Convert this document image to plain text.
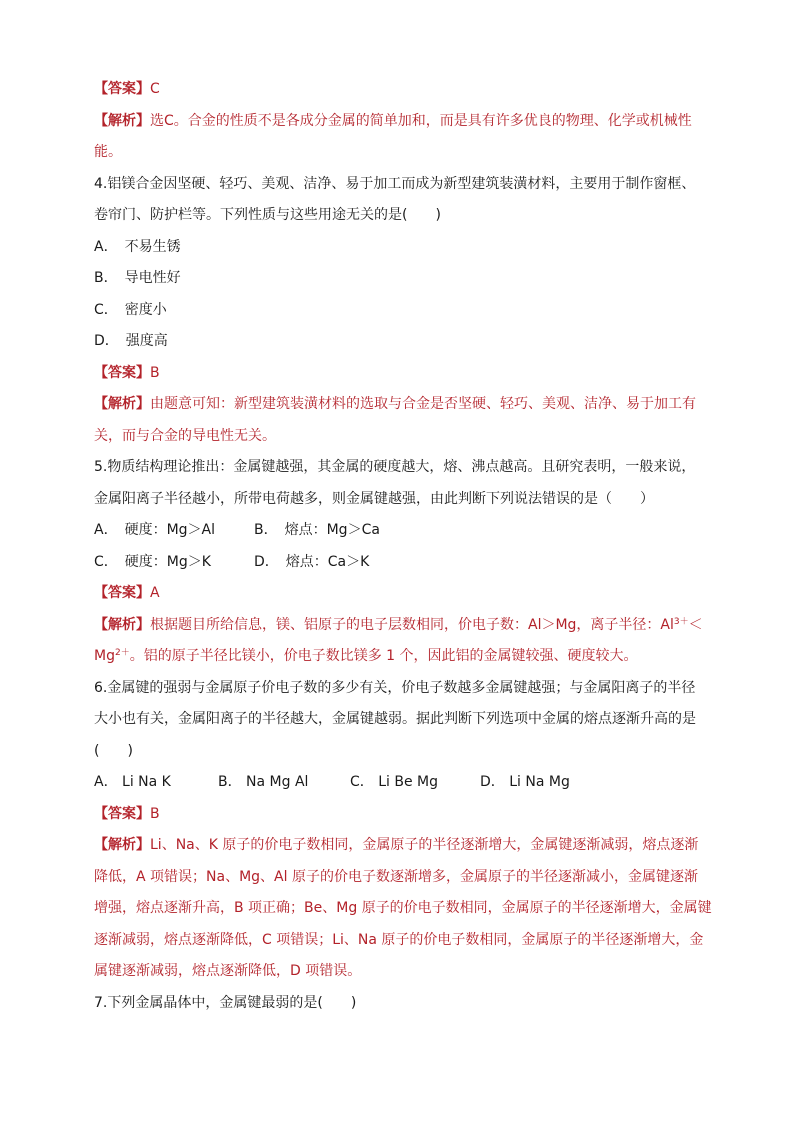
【答案】C
【解析】选C。合金的性质不是各成分金属的简单加和，而是具有许多优良的物理、化学或机械性
能。
4.铝镁合金因坚硬、轻巧、美观、洁净、易于加工而成为新型建筑装潢材料，主要用于制作窗框、
卷帘门、防护栏等。下列性质与这些用途无关的是(　　)
A．　不易生锈
B．　导电性好
C．　密度小
D．　强度高
【答案】B
【解析】由题意可知：新型建筑装潢材料的选取与合金是否坚硬、轻巧、美观、洁净、易于加工有
关，而与合金的导电性无关。
5.物质结构理论推出：金属键越强，其金属的硬度越大，熔、沸点越高。且研究表明，一般来说，
金属阳离子半径越小，所带电荷越多，则金属键越强，由此判断下列说法错误的是（　　）
A．　硬度：Mg＞Al	B．　熔点：Mg＞Ca
C．　硬度：Mg＞K	D．　熔点：Ca＞K
【答案】A
【解析】根据题目所给信息，镁、铝原子的电子层数相同，价电子数：Al＞Mg，离子半径：$Al^{3+}<$
$Mg^{2+}$。铝的原子半径比镁小，价电子数比镁多 1 个，因此铝的金属键较强、硬度较大。
6.金属键的强弱与金属原子价电子数的多少有关，价电子数越多金属键越强；与金属阳离子的半径
大小也有关，金属阳离子的半径越大，金属键越弱。据此判断下列选项中金属的熔点逐渐升高的是
(　　)
A． Li Na K	B． Na Mg Al	C． Li Be Mg	D． Li Na Mg
【答案】B
【解析】Li、Na、K 原子的价电子数相同，金属原子的半径逐渐增大，金属键逐渐减弱，熔点逐渐
降低，A 项错误；Na、Mg、Al 原子的价电子数逐渐增多，金属原子的半径逐渐减小，金属键逐渐
增强，熔点逐渐升高，B 项正确；Be、Mg 原子的价电子数相同，金属原子的半径逐渐增大，金属键
逐渐减弱，熔点逐渐降低，C 项错误；Li、Na 原子的价电子数相同，金属原子的半径逐渐增大，金
属键逐渐减弱，熔点逐渐降低，D 项错误。
7.下列金属晶体中，金属键最弱的是(　　)
